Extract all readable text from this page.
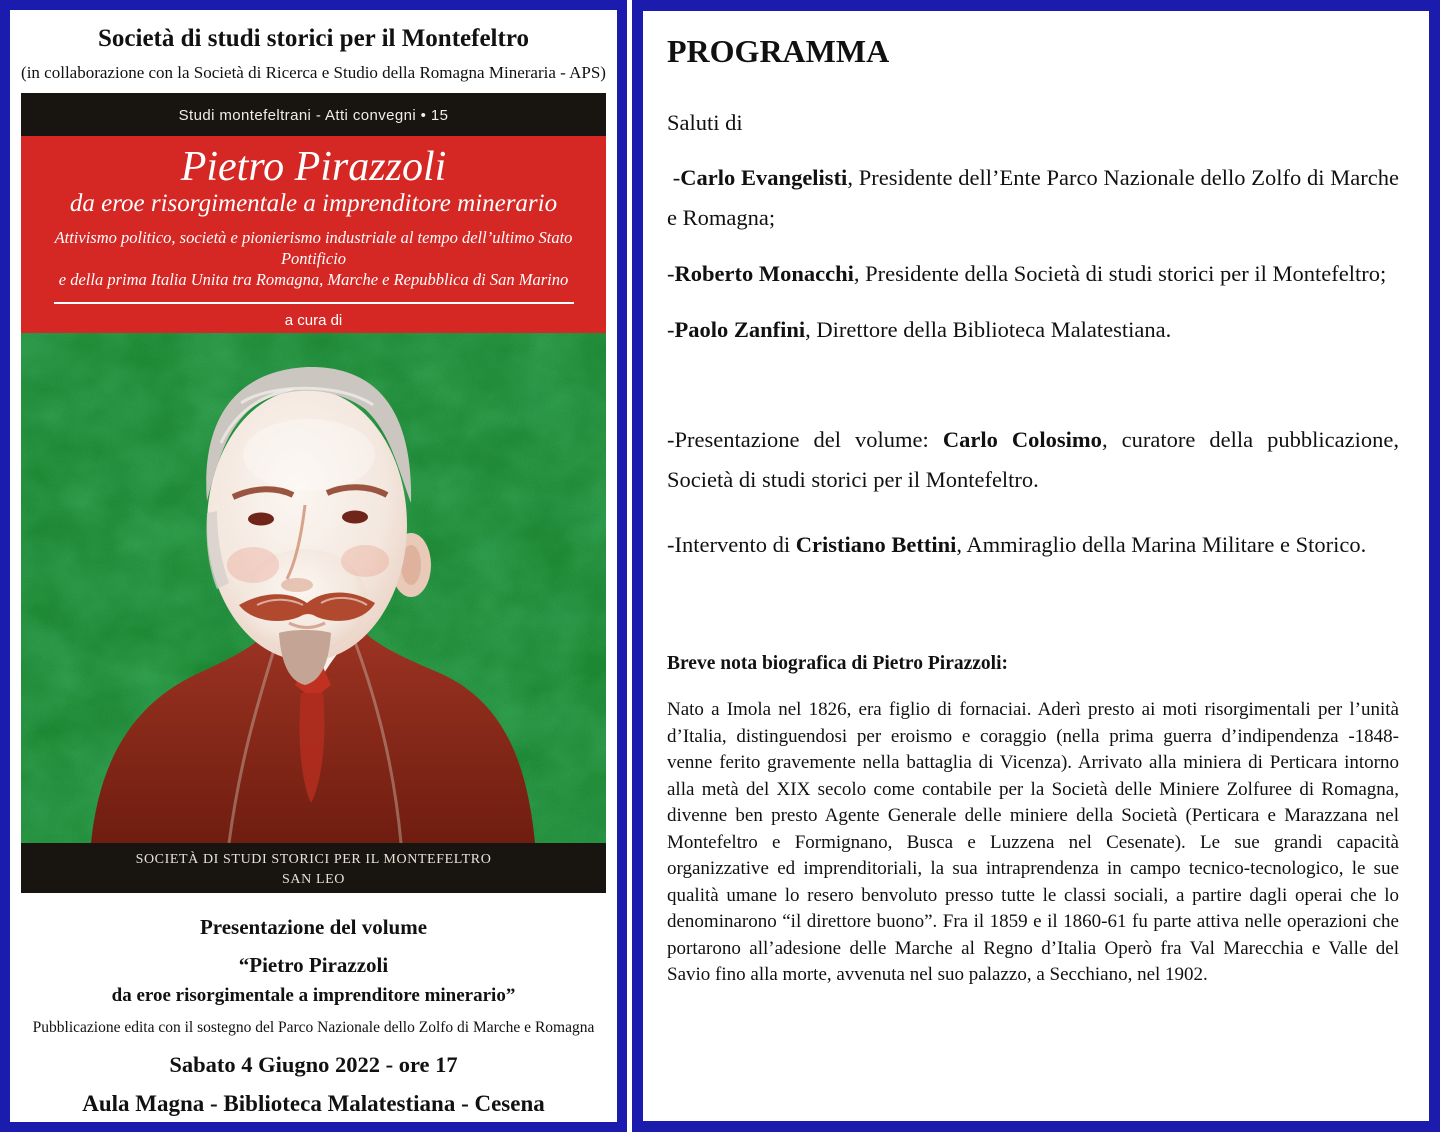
Società di studi storici per il Montefeltro

(in collaborazione con la Società di Ricerca e Studio della Romagna Mineraria - APS)

Studi montefeltrani - Atti convegni • 15
Pietro Pirazzoli
da eroe risorgimentale a imprenditore minerario
Attivismo politico, società e pionierismo industriale al tempo dell’ultimo Stato Pontificio
e della prima Italia Unita tra Romagna, Marche e Repubblica di San Marino
a cura di
SOCIETÀ DI STUDI STORICI PER IL MONTEFELTRO
SAN LEO

Presentazione del volume

“Pietro Pirazzoli

da eroe risorgimentale a imprenditore minerario”

Pubblicazione edita con il sostegno del Parco Nazionale dello Zolfo di Marche e Romagna

Sabato 4 Giugno 2022 - ore 17

Aula Magna - Biblioteca Malatestiana - Cesena

PROGRAMMA

Saluti di

-Carlo Evangelisti, Presidente dell’Ente Parco Nazionale dello Zolfo di Marche e Romagna;

-Roberto Monacchi, Presidente della Società di studi storici per il Montefeltro;

-Paolo Zanfini, Direttore della Biblioteca Malatestiana.

-Presentazione del volume: Carlo Colosimo, curatore della pubblicazione, Società di studi storici per il Montefeltro.

-Intervento di Cristiano Bettini, Ammiraglio della Marina Militare e Storico.

Breve nota biografica di Pietro Pirazzoli:

Nato a Imola nel 1826, era figlio di fornaciai. Aderì presto ai moti risorgimentali per l’unità d’Italia, distinguendosi per eroismo e coraggio (nella prima guerra d’indipendenza -1848- venne ferito gravemente nella battaglia di Vicenza). Arrivato alla miniera di Perticara intorno alla metà del XIX secolo come contabile per la Società delle Miniere Zolfuree di Romagna, divenne ben presto Agente Generale delle miniere della Società (Perticara e Marazzana nel Montefeltro e Formignano, Busca e Luzzena nel Cesenate). Le sue grandi capacità organizzative ed imprenditoriali, la sua intraprendenza in campo tecnico-tecnologico, le sue qualità umane lo resero benvoluto presso tutte le classi sociali, a partire dagli operai che lo denominarono “il direttore buono”. Fra il 1859 e il 1860-61 fu parte attiva nelle operazioni che portarono all’adesione delle Marche al Regno d’Italia Operò fra Val Marecchia e Valle del Savio fino alla morte, avvenuta nel suo palazzo, a Secchiano, nel 1902.
